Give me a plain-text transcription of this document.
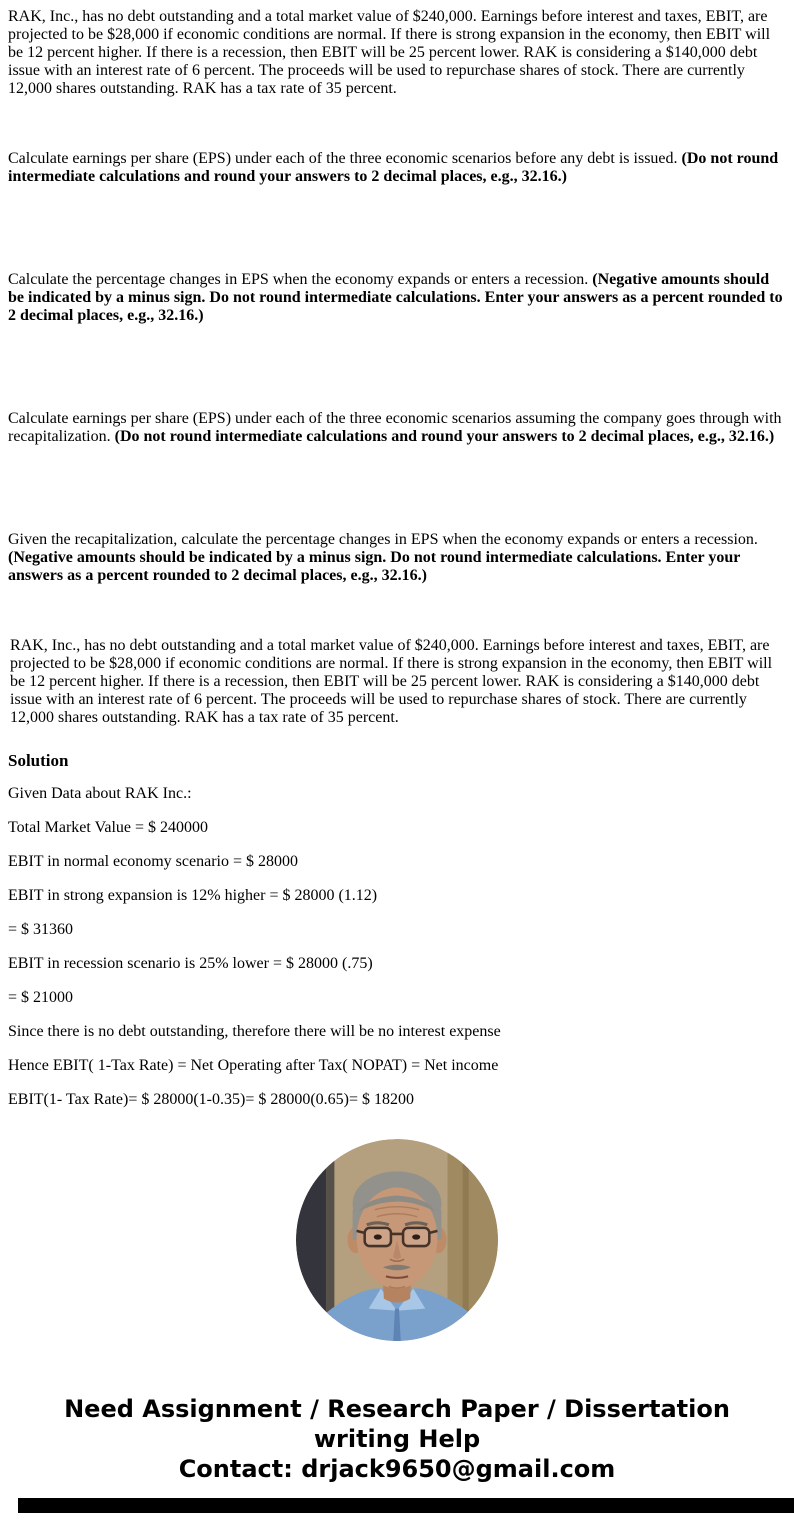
RAK, Inc., has no debt outstanding and a total market value of $240,000. Earnings before interest and taxes, EBIT, are projected to be $28,000 if economic conditions are normal. If there is strong expansion in the economy, then EBIT will be 12 percent higher. If there is a recession, then EBIT will be 25 percent lower. RAK is considering a $140,000 debt issue with an interest rate of 6 percent. The proceeds will be used to repurchase shares of stock. There are currently 12,000 shares outstanding. RAK has a tax rate of 35 percent.

Calculate earnings per share (EPS) under each of the three economic scenarios before any debt is issued. (Do not round intermediate calculations and round your answers to 2 decimal places, e.g., 32.16.)

Calculate the percentage changes in EPS when the economy expands or enters a recession. (Negative amounts should be indicated by a minus sign. Do not round intermediate calculations. Enter your answers as a percent rounded to 2 decimal places, e.g., 32.16.)

Calculate earnings per share (EPS) under each of the three economic scenarios assuming the company goes through with recapitalization. (Do not round intermediate calculations and round your answers to 2 decimal places, e.g., 32.16.)

Given the recapitalization, calculate the percentage changes in EPS when the economy expands or enters a recession. (Negative amounts should be indicated by a minus sign. Do not round intermediate calculations. Enter your answers as a percent rounded to 2 decimal places, e.g., 32.16.)

RAK, Inc., has no debt outstanding and a total market value of $240,000. Earnings before interest and taxes, EBIT, are projected to be $28,000 if economic conditions are normal. If there is strong expansion in the economy, then EBIT will be 12 percent higher. If there is a recession, then EBIT will be 25 percent lower. RAK is considering a $140,000 debt issue with an interest rate of 6 percent. The proceeds will be used to repurchase shares of stock. There are currently 12,000 shares outstanding. RAK has a tax rate of 35 percent.

Solution

Given Data about RAK Inc.:

Total Market Value = $ 240000

EBIT in normal economy scenario = $ 28000

EBIT in strong expansion is 12% higher = $ 28000 (1.12)

= $ 31360

EBIT in recession scenario is 25% lower = $ 28000 (.75)

= $ 21000

Since there is no debt outstanding, therefore there will be no interest expense

Hence EBIT( 1-Tax Rate) = Net Operating after Tax( NOPAT) = Net income

EBIT(1- Tax Rate)= $ 28000(1-0.35)= $ 28000(0.65)= $ 18200

Need Assignment / Research Paper / Dissertation writing Help

Contact: drjack9650@gmail.com
